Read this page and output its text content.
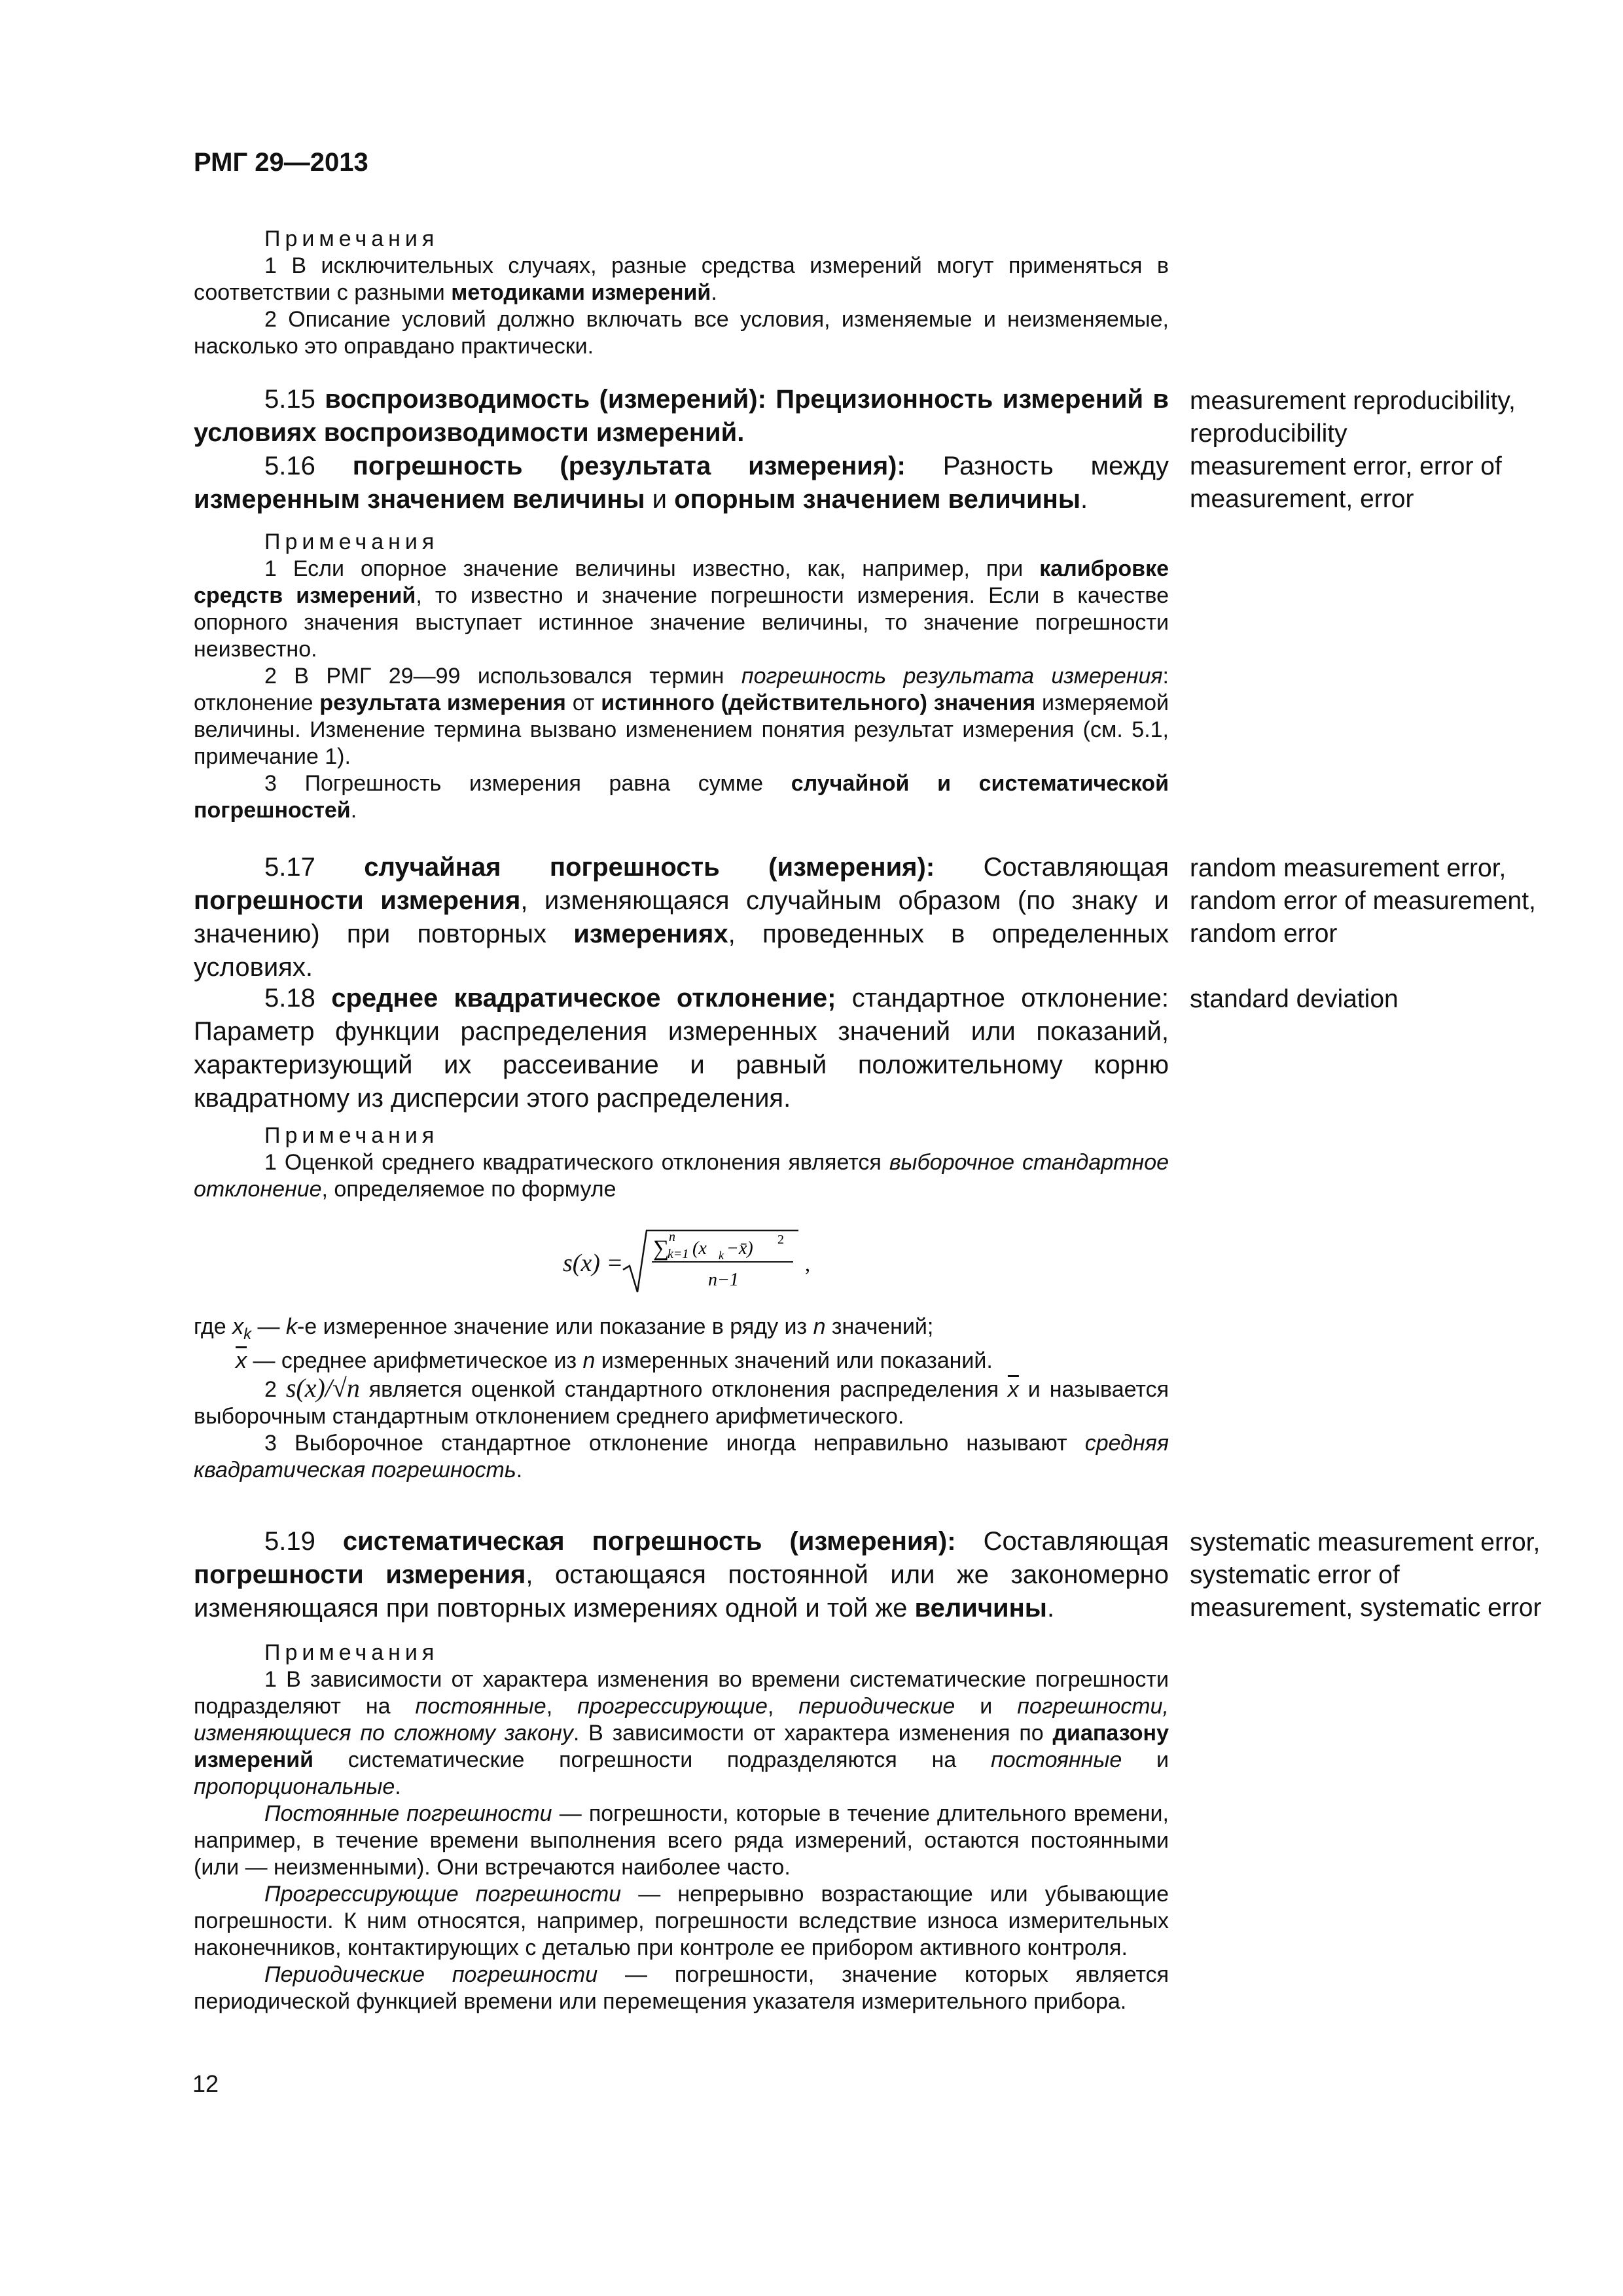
РМГ 29—2013

Примечания

1 В исключительных случаях, разные средства измерений могут применяться в соответствии с разными методиками измерений.

2 Описание условий должно включать все условия, изменяемые и неизменяемые, насколько это оправдано практически.

5.15 воспроизводимость (измерений): Прецизионность измерений в условиях воспроизводимости измерений.

5.16 погрешность (результата измерения): Разность между измеренным значением величины и опорным значением величины.

measurement reproducibility, reproducibility
measurement error, error of measurement, error

Примечания

1 Если опорное значение величины известно, как, например, при калибровке средств измерений, то известно и значение погрешности измерения. Если в качестве опорного значения выступает истинное значение величины, то значение погрешности неизвестно.

2 В РМГ 29—99 использовался термин погрешность результата измерения: отклонение результата измерения от истинного (действительного) значения измеряемой величины. Изменение термина вызвано изменением понятия результат измерения (см. 5.1, примечание 1).

3 Погрешность измерения равна сумме случайной и систематической погрешностей.

5.17 случайная погрешность (измерения): Составляющая погрешности измерения, изменяющаяся случайным образом (по знаку и значению) при повторных измерениях, проведенных в определенных условиях.

random measurement error, random error of measurement, random error

5.18 среднее квадратическое отклонение; стандартное отклонение: Параметр функции распределения измеренных значений или показаний, характеризующий их рассеивание и равный положительному корню квадратному из дисперсии этого распределения.

standard deviation

Примечания

1 Оценкой среднего квадратического отклонения является выборочное стандартное отклонение, определяемое по формуле

s(x) =
∑ n
k=1 (x k −x̄) 2
n−1
,
где $x_k$ — k-е измеренное значение или показание в ряду из n значений;
$\overline{x}$ — среднее арифметическое из n измеренных значений или показаний.

2 s(x)/√n является оценкой стандартного отклонения распределения $\overline{x}$ и называется выборочным стандартным отклонением среднего арифметического.

3 Выборочное стандартное отклонение иногда неправильно называют средняя квадратическая погрешность.

5.19 систематическая погрешность (измерения): Составляющая погрешности измерения, остающаяся постоянной или же закономерно изменяющаяся при повторных измерениях одной и той же величины.

systematic measurement error, systematic error of measurement, systematic error

Примечания

1 В зависимости от характера изменения во времени систематические погрешности подразделяют на постоянные, прогрессирующие, периодические и погрешности, изменяющиеся по сложному закону. В зависимости от характера изменения по диапазону измерений систематические погрешности подразделяются на постоянные и пропорциональные.

Постоянные погрешности — погрешности, которые в течение длительного времени, например, в течение времени выполнения всего ряда измерений, остаются постоянными (или — неизменными). Они встречаются наиболее часто.

Прогрессирующие погрешности — непрерывно возрастающие или убывающие погрешности. К ним относятся, например, погрешности вследствие износа измерительных наконечников, контактирующих с деталью при контроле ее прибором активного контроля.

Периодические погрешности — погрешности, значение которых является периодической функцией времени или перемещения указателя измерительного прибора.

12
